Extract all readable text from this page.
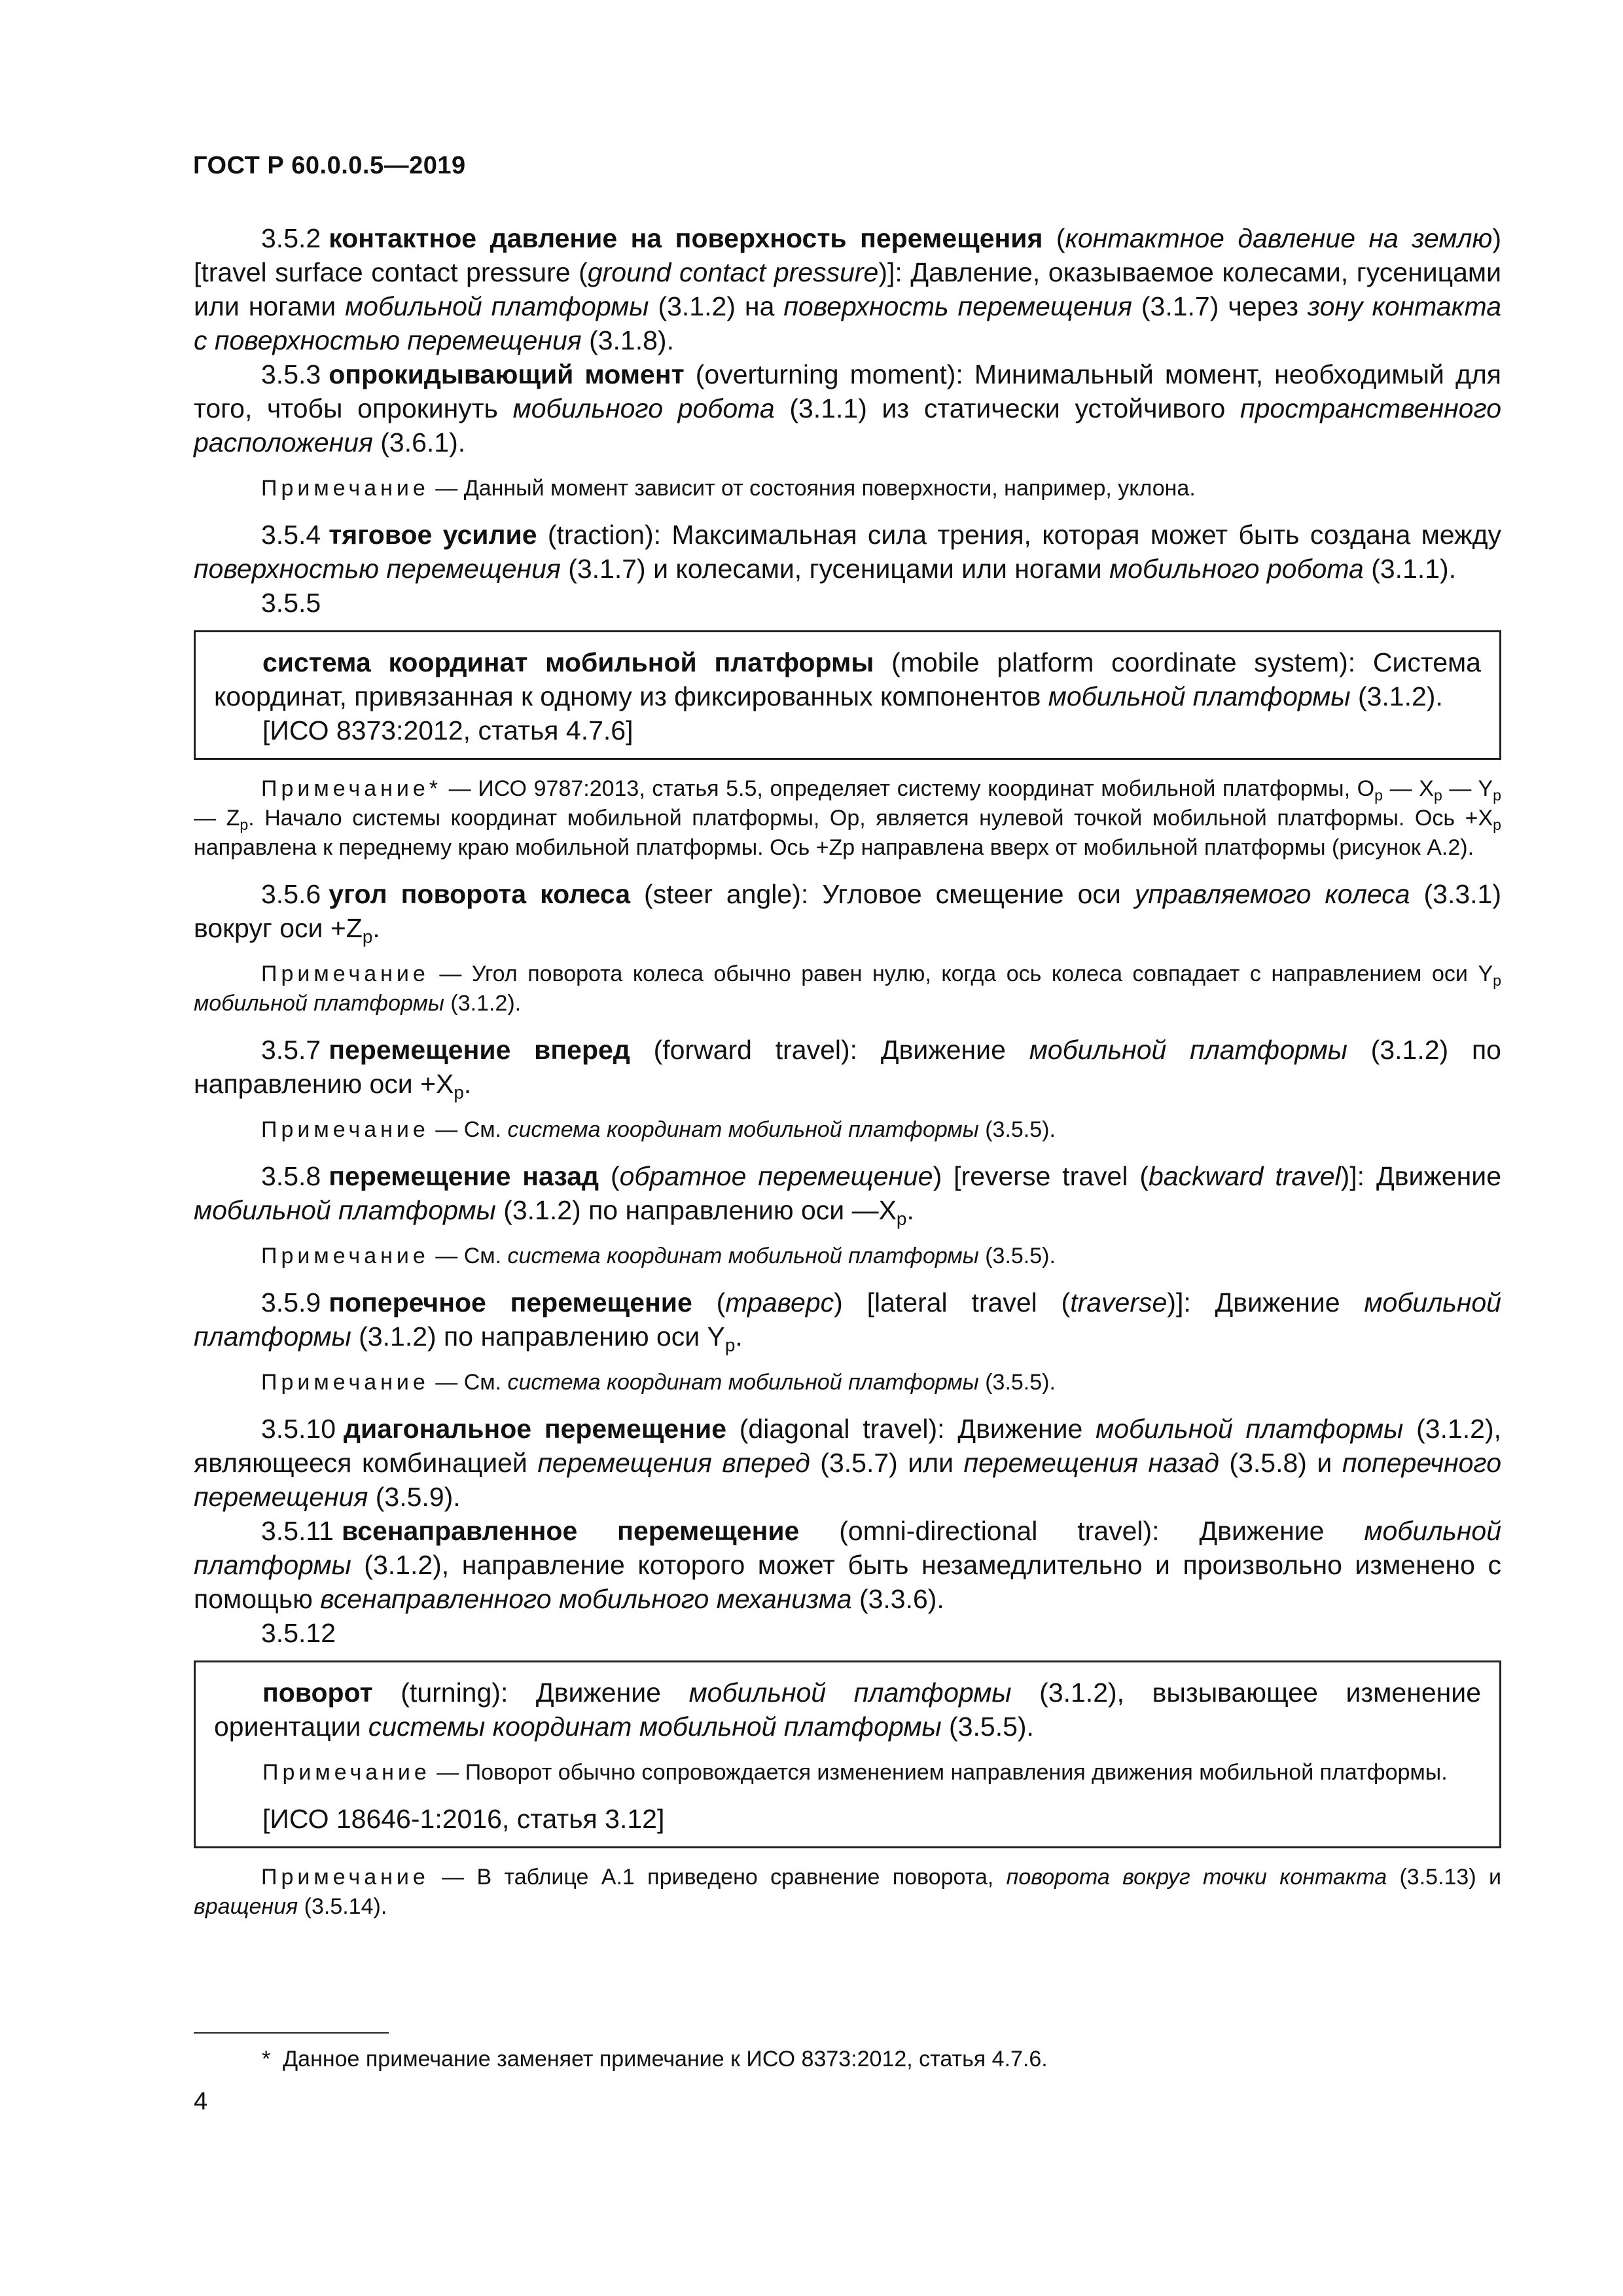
ГОСТ Р 60.0.0.5—2019

3.5.2 контактное давление на поверхность перемещения (контактное давление на землю) [travel surface contact pressure (ground contact pressure)]: Давление, оказываемое колесами, гусеницами или ногами мобильной платформы (3.1.2) на поверхность перемещения (3.1.7) через зону контакта с поверхностью перемещения (3.1.8).

3.5.3 опрокидывающий момент (overturning moment): Минимальный момент, необходимый для того, чтобы опрокинуть мобильного робота (3.1.1) из статически устойчивого пространственного расположения (3.6.1).

Примечание — Данный момент зависит от состояния поверхности, например, уклона.

3.5.4 тяговое усилие (traction): Максимальная сила трения, которая может быть создана между поверхностью перемещения (3.1.7) и колесами, гусеницами или ногами мобильного робота (3.1.1).

3.5.5

система координат мобильной платформы (mobile platform coordinate system): Система координат, привязанная к одному из фиксированных компонентов мобильной платформы (3.1.2).

[ИСО 8373:2012, статья 4.7.6]

Примечание* — ИСО 9787:2013, статья 5.5, определяет систему координат мобильной платформы, $O_p$ — $X_p$ — $Y_p$ — $Z_p$. Начало системы координат мобильной платформы, Op, является нулевой точкой мобильной платформы. Ось $+X_p$ направлена к переднему краю мобильной платформы. Ось +Zp направлена вверх от мобильной платформы (рисунок А.2).

3.5.6 угол поворота колеса (steer angle): Угловое смещение оси управляемого колеса (3.3.1) вокруг оси $+Z_p$.

Примечание — Угол поворота колеса обычно равен нулю, когда ось колеса совпадает с направлением оси $Y_p$ мобильной платформы (3.1.2).

3.5.7 перемещение вперед (forward travel): Движение мобильной платформы (3.1.2) по направлению оси $+X_p$.

Примечание — См. система координат мобильной платформы (3.5.5).

3.5.8 перемещение назад (обратное перемещение) [reverse travel (backward travel)]: Движение мобильной платформы (3.1.2) по направлению оси $—X_p$.

Примечание — См. система координат мобильной платформы (3.5.5).

3.5.9 поперечное перемещение (траверс) [lateral travel (traverse)]: Движение мобильной платформы (3.1.2) по направлению оси $Y_p$.

Примечание — См. система координат мобильной платформы (3.5.5).

3.5.10 диагональное перемещение (diagonal travel): Движение мобильной платформы (3.1.2), являющееся комбинацией перемещения вперед (3.5.7) или перемещения назад (3.5.8) и поперечного перемещения (3.5.9).

3.5.11 всенаправленное перемещение (omni-directional travel): Движение мобильной платформы (3.1.2), направление которого может быть незамедлительно и произвольно изменено с помощью всенаправленного мобильного механизма (3.3.6).

3.5.12

поворот (turning): Движение мобильной платформы (3.1.2), вызывающее изменение ориентации системы координат мобильной платформы (3.5.5).

Примечание — Поворот обычно сопровождается изменением направления движения мобильной платформы.

[ИСО 18646-1:2016, статья 3.12]

Примечание — В таблице А.1 приведено сравнение поворота, поворота вокруг точки контакта (3.5.13) и вращения (3.5.14).

* Данное примечание заменяет примечание к ИСО 8373:2012, статья 4.7.6.
4
